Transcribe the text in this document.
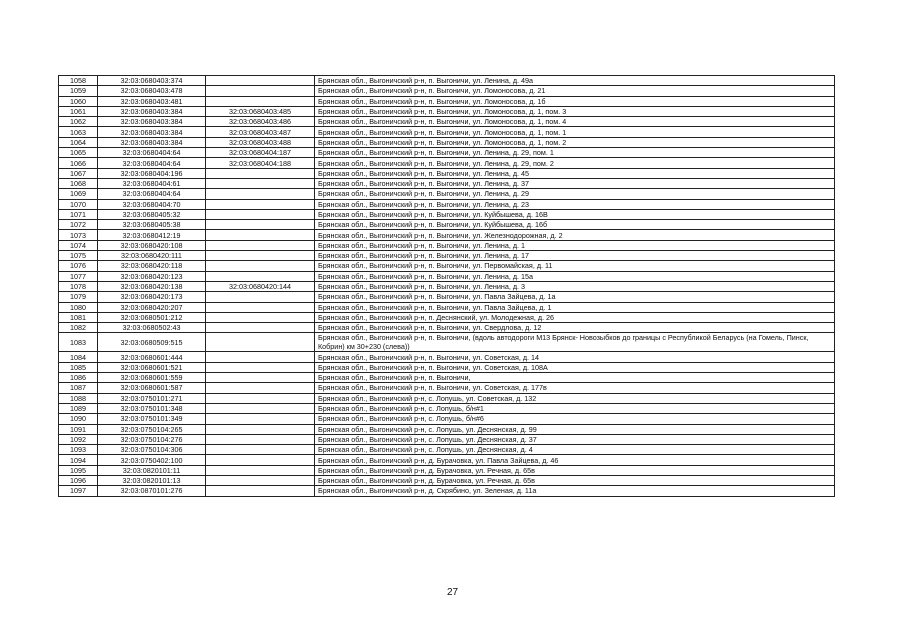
1058	32:03:0680403:374		Брянская обл., Выгоничский р-н, п. Выгоничи, ул. Ленина, д. 49а
1059	32:03:0680403:478		Брянская обл., Выгоничский р-н, п. Выгоничи, ул. Ломоносова, д. 21
1060	32:03:0680403:481		Брянская обл., Выгоничский р-н, п. Выгоничи, ул. Ломоносова, д. 1б
1061	32:03:0680403:384	32:03:0680403:485	Брянская обл., Выгоничский р-н, п. Выгоничи, ул. Ломоносова, д. 1, пом. 3
1062	32:03:0680403:384	32:03:0680403:486	Брянская обл., Выгоничский р-н, п. Выгоничи, ул. Ломоносова, д. 1, пом. 4
1063	32:03:0680403:384	32:03:0680403:487	Брянская обл., Выгоничский р-н, п. Выгоничи, ул. Ломоносова, д. 1, пом. 1
1064	32:03:0680403:384	32:03:0680403:488	Брянская обл., Выгоничский р-н, п. Выгоничи, ул. Ломоносова, д. 1, пом. 2
1065	32:03:0680404:64	32:03:0680404:187	Брянская обл., Выгоничский р-н, п. Выгоничи, ул. Ленина, д. 29, пом. 1
1066	32:03:0680404:64	32:03:0680404:188	Брянская обл., Выгоничский р-н, п. Выгоничи, ул. Ленина, д. 29, пом. 2
1067	32:03:0680404:196		Брянская обл., Выгоничский р-н, п. Выгоничи, ул. Ленина, д. 45
1068	32:03:0680404:61		Брянская обл., Выгоничский р-н, п. Выгоничи, ул. Ленина, д. 37
1069	32:03:0680404:64		Брянская обл., Выгоничский р-н, п. Выгоничи, ул. Ленина, д. 29
1070	32:03:0680404:70		Брянская обл., Выгоничский р-н, п. Выгоничи, ул. Ленина, д. 23
1071	32:03:0680405:32		Брянская обл., Выгоничский р-н, п. Выгоничи, ул. Куйбышева, д. 16В
1072	32:03:0680405:38		Брянская обл., Выгоничский р-н, п. Выгоничи, ул. Куйбышева, д. 16б
1073	32:03:0680412:19		Брянская обл., Выгоничский р-н, п. Выгоничи, ул. Железнодорожная, д. 2
1074	32:03:0680420:108		Брянская обл., Выгоничский р-н, п. Выгоничи, ул. Ленина, д. 1
1075	32:03:0680420:111		Брянская обл., Выгоничский р-н, п. Выгоничи, ул. Ленина, д. 17
1076	32:03:0680420:118		Брянская обл., Выгоничский р-н, п. Выгоничи, ул. Первомайская, д. 11
1077	32:03:0680420:123		Брянская обл., Выгоничский р-н, п. Выгоничи, ул. Ленина, д. 15а
1078	32:03:0680420:138	32:03:0680420:144	Брянская обл., Выгоничский р-н, п. Выгоничи, ул. Ленина, д. 3
1079	32:03:0680420:173		Брянская обл., Выгоничский р-н, п. Выгоничи, ул. Павла Зайцева, д. 1а
1080	32:03:0680420:207		Брянская обл., Выгоничский р-н, п. Выгоничи, ул. Павла Зайцева, д. 1
1081	32:03:0680501:212		Брянская обл., Выгоничский р-н, п. Деснянский, ул. Молодежная, д. 26
1082	32:03:0680502:43		Брянская обл., Выгоничский р-н, п. Выгоничи, ул. Свердлова, д. 12
1083	32:03:0680509:515		Брянская обл., Выгоничский р-н, п. Выгоничи, (вдоль автодороги М13 Брянск- Новозыбков до границы с Республикой Беларусь (на Гомель, Пинск, Кобрин) км 30+230 (слева))
1084	32:03:0680601:444		Брянская обл., Выгоничский р-н, п. Выгоничи, ул. Советская, д. 14
1085	32:03:0680601:521		Брянская обл., Выгоничский р-н, п. Выгоничи, ул. Советская, д. 108А
1086	32:03:0680601:559		Брянская обл., Выгоничский р-н, п. Выгоничи,
1087	32:03:0680601:587		Брянская обл., Выгоничский р-н, п. Выгоничи, ул. Советская, д. 177в
1088	32:03:0750101:271		Брянская обл., Выгоничский р-н, с. Лопушь, ул. Советская, д. 132
1089	32:03:0750101:348		Брянская обл., Выгоничский р-н, с. Лопушь, б/н#1
1090	32:03:0750101:349		Брянская обл., Выгоничский р-н, с. Лопушь, б/н#6
1091	32:03:0750104:265		Брянская обл., Выгоничский р-н, с. Лопушь, ул. Деснянская, д. 99
1092	32:03:0750104:276		Брянская обл., Выгоничский р-н, с. Лопушь, ул. Деснянская, д. 37
1093	32:03:0750104:306		Брянская обл., Выгоничский р-н, с. Лопушь, ул. Деснянская, д. 4
1094	32:03:0750402:100		Брянская обл., Выгоничский р-н, д. Бурачовка, ул. Павла Зайцева, д. 46
1095	32:03:0820101:11		Брянская обл., Выгоничский р-н, д. Бурачовка, ул. Речная, д. 65в
1096	32:03:0820101:13		Брянская обл., Выгоничский р-н, д. Бурачовка, ул. Речная, д. 65в
1097	32:03:0870101:276		Брянская обл., Выгоничский р-н, д. Скрябино, ул. Зеленая, д. 11а
27
